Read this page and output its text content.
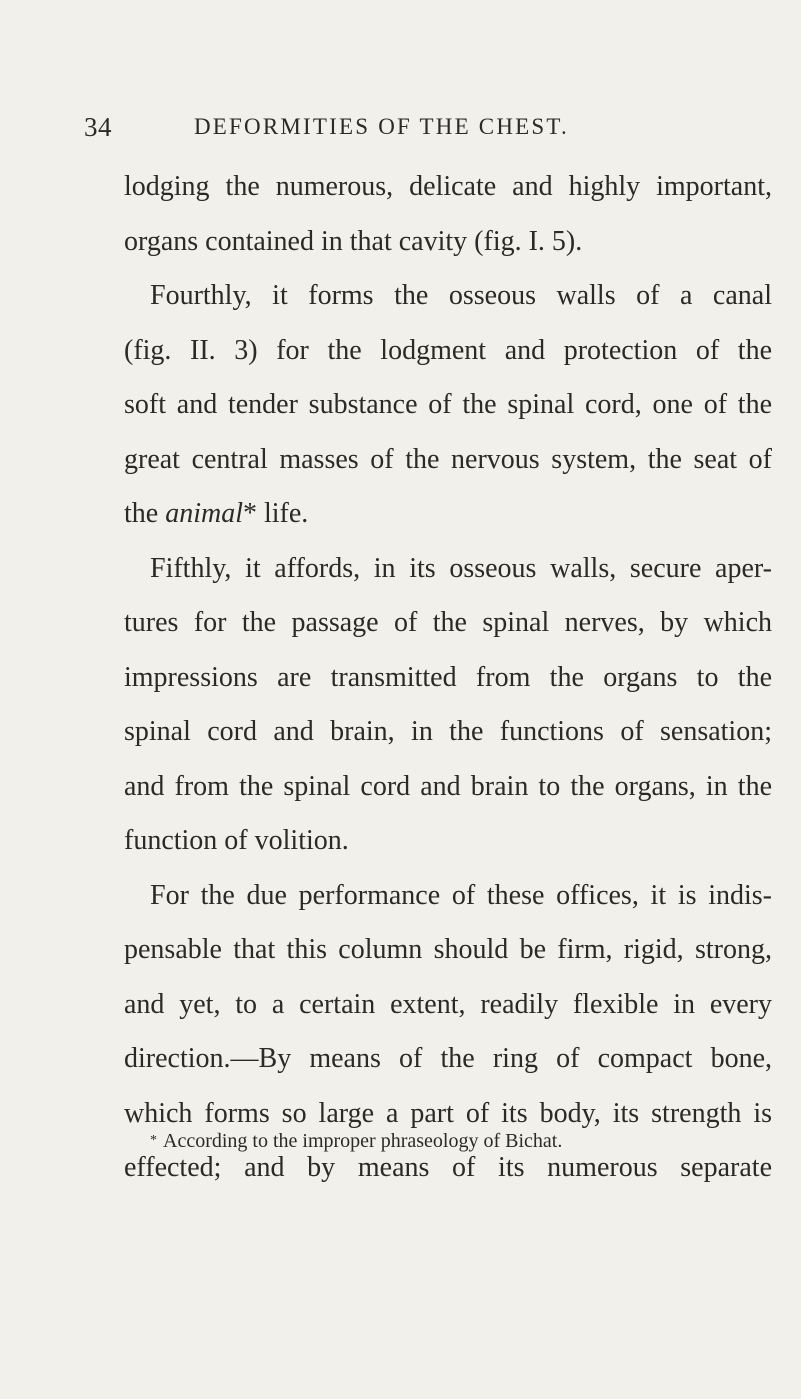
34	DEFORMITIES OF THE CHEST.
lodging the numerous, delicate and highly important,
organs contained in that cavity (fig. I. 5).
Fourthly, it forms the osseous walls of a canal
(fig. II. 3) for the lodgment and protection of the
soft and tender substance of the spinal cord, one of the
great central masses of the nervous system, the seat of
the animal* life.
Fifthly, it affords, in its osseous walls, secure aper-
tures for the passage of the spinal nerves, by which
impressions are transmitted from the organs to the
spinal cord and brain, in the functions of sensation;
and from the spinal cord and brain to the organs, in the
function of volition.
For the due performance of these offices, it is indis-
pensable that this column should be firm, rigid, strong,
and yet, to a certain extent, readily flexible in every
direction.—By means of the ring of compact bone,
which forms so large a part of its body, its strength is
effected; and by means of its numerous separate
* According to the improper phraseology of Bichat.
